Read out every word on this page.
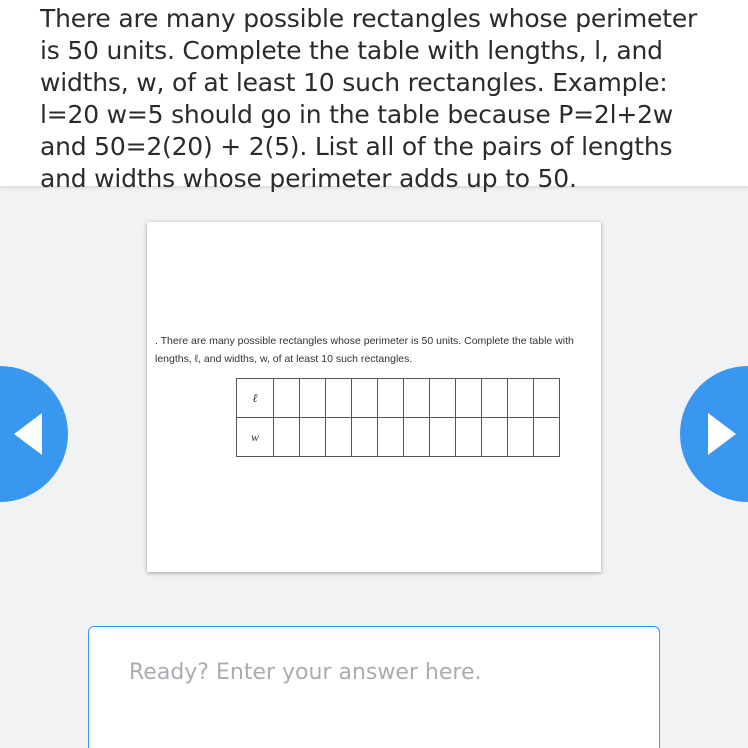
There are many possible rectangles whose perimeter is 50 units. Complete the table with lengths, l, and widths, w, of at least 10 such rectangles. Example: l=20 w=5 should go in the table because P=2l+2w and 50=2(20) + 2(5). List all of the pairs of lengths and widths whose perimeter adds up to 50.

. There are many possible rectangles whose perimeter is 50 units. Complete the table with lengths, ℓ, and widths, w, of at least 10 such rectangles.

ℓ											
w											
Ready? Enter your answer here.
